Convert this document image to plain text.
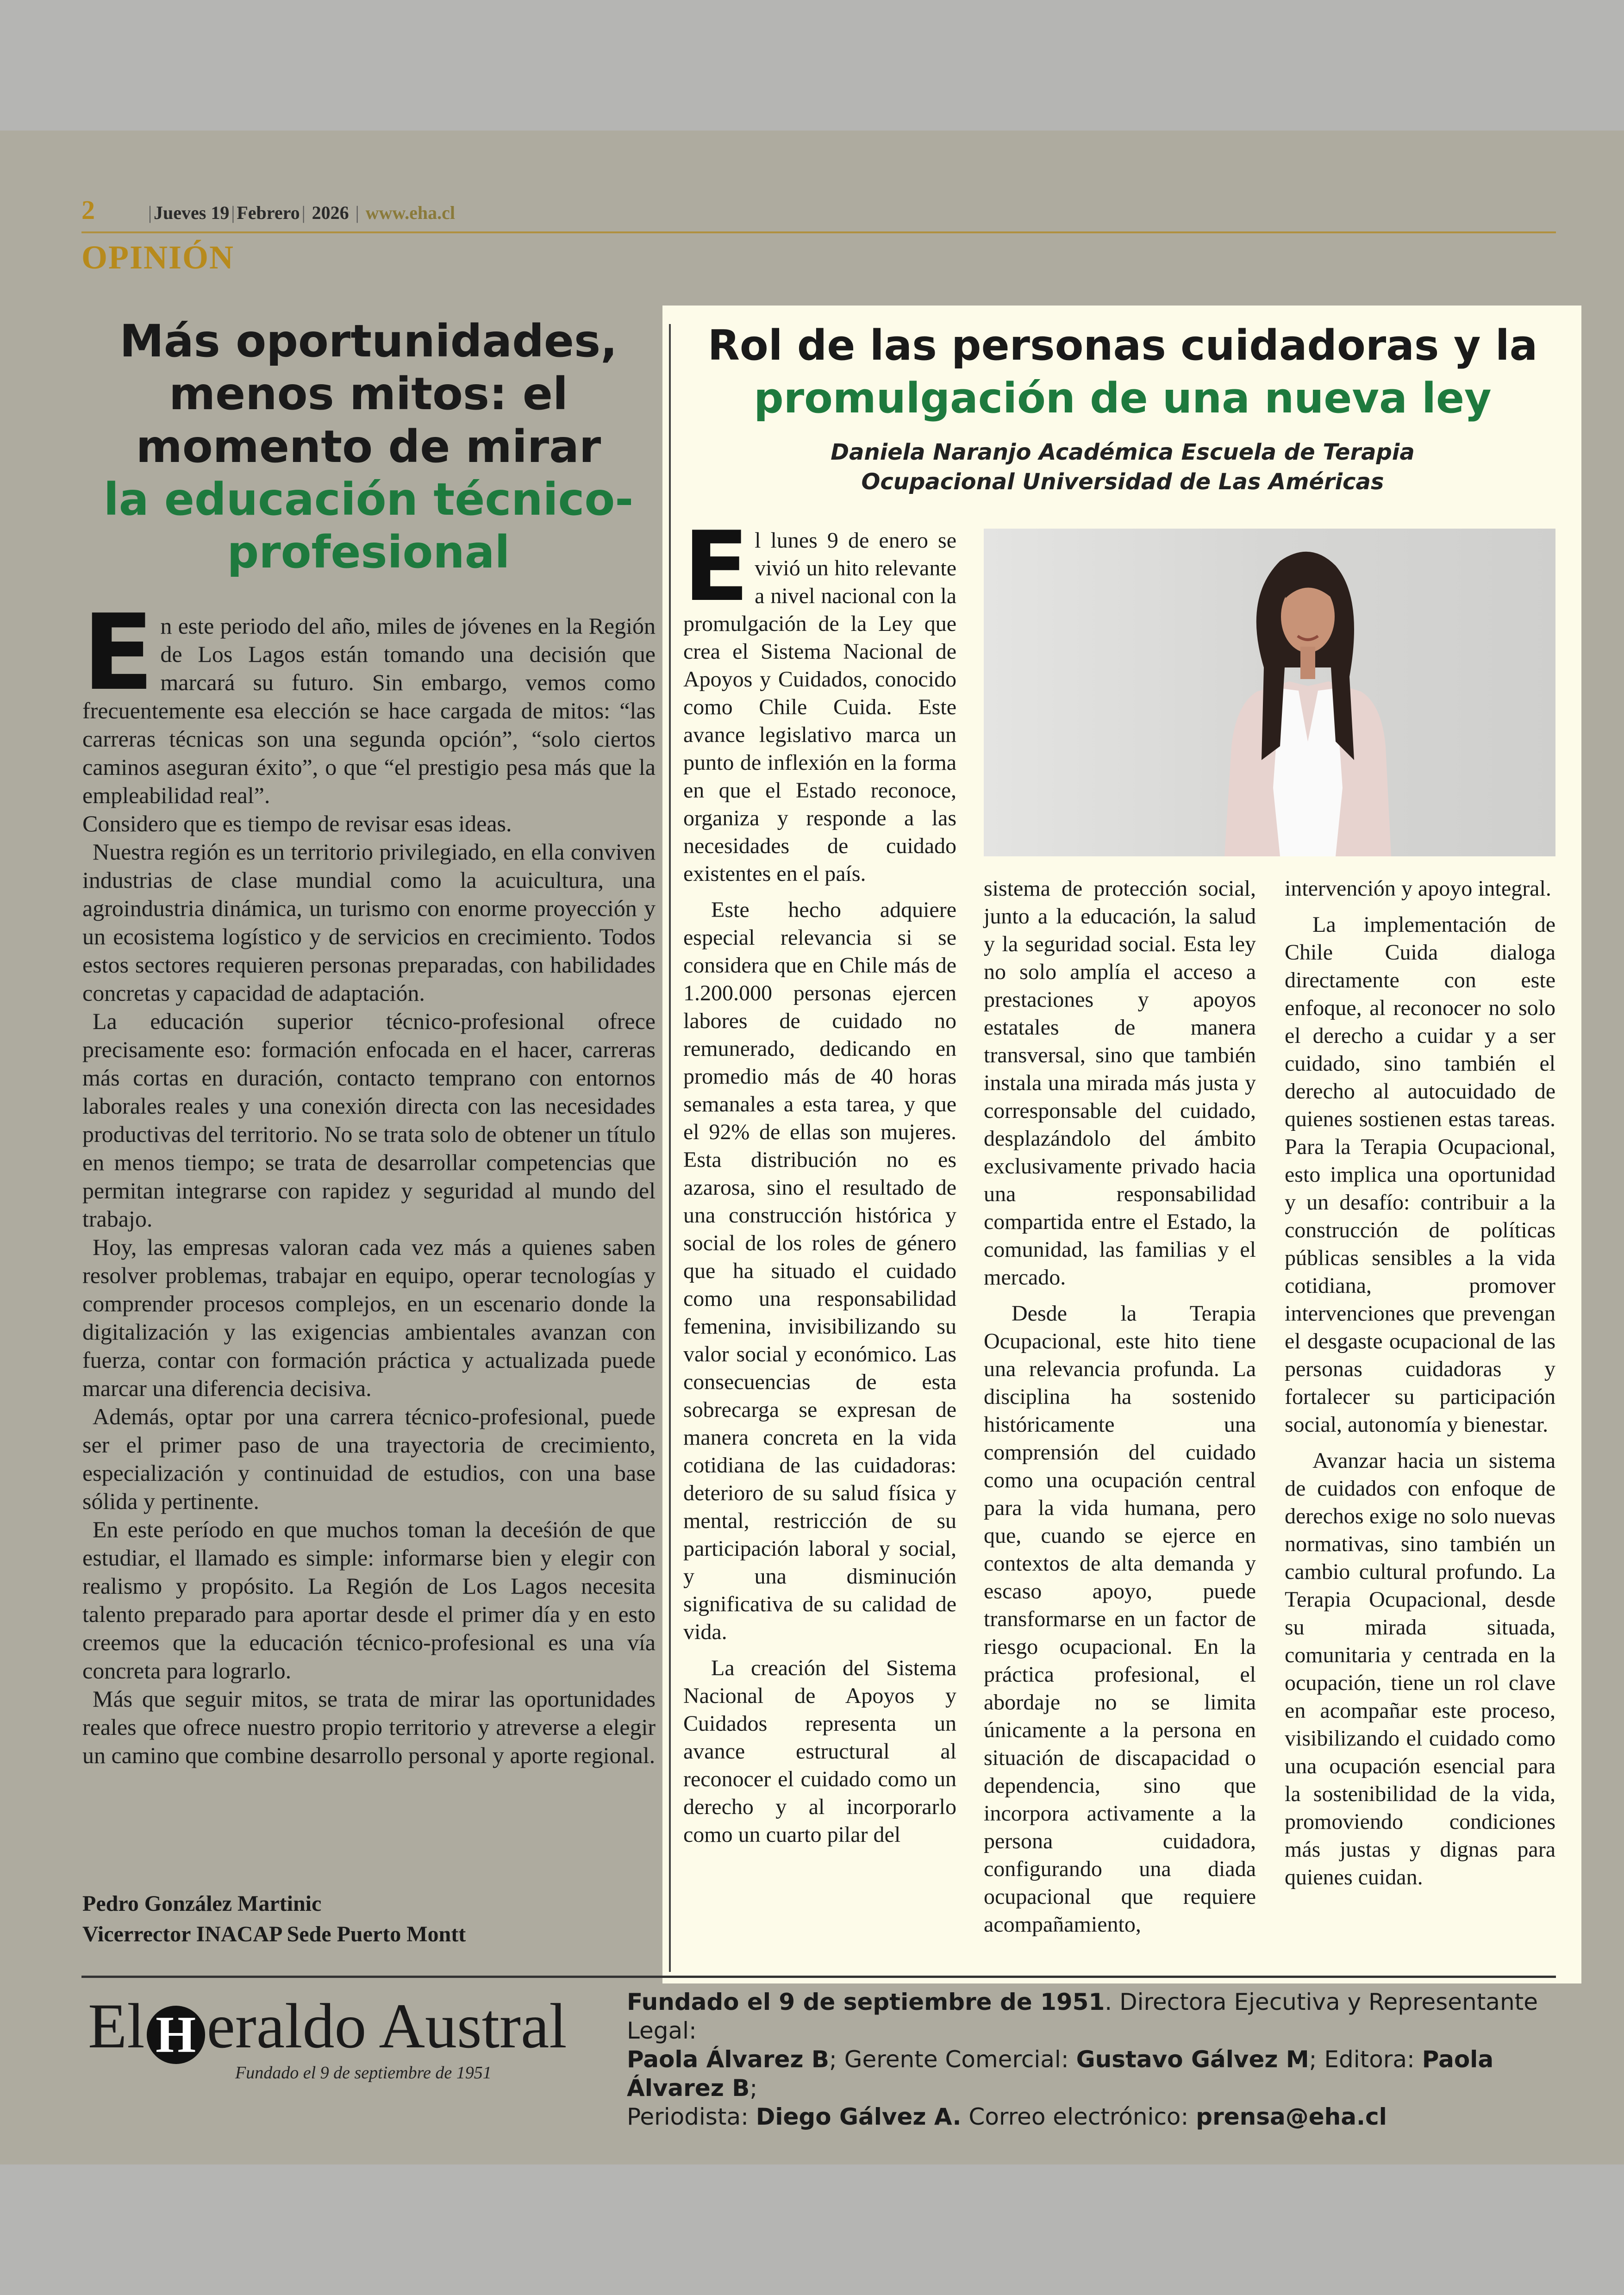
2	| Jueves 19 | Febrero | 2026 | www.eha.cl
OPINIÓN
Más oportunidades, menos mitos: el momento de mirar
la educación técnico-profesional
E n este periodo del año, miles de jóvenes en la Región de Los Lagos están tomando una decisión que marcará su futuro. Sin embargo, vemos como frecuentemente esa elección se hace cargada de mitos: “las carreras técnicas son una segunda opción”, “solo ciertos caminos aseguran éxito”, o que “el prestigio pesa más que la empleabilidad real”.

Considero que es tiempo de revisar esas ideas.

Nuestra región es un territorio privilegiado, en ella conviven industrias de clase mundial como la acuicultura, una agroindustria dinámica, un turismo con enorme proyección y un ecosistema logístico y de servicios en crecimiento. Todos estos sectores requieren personas preparadas, con habilidades concretas y capacidad de adaptación.

La educación superior técnico-profesional ofrece precisamente eso: formación enfocada en el hacer, carreras más cortas en duración, contacto temprano con entornos laborales reales y una conexión directa con las necesidades productivas del territorio. No se trata solo de obtener un título en menos tiempo; se trata de desarrollar competencias que permitan integrarse con rapidez y seguridad al mundo del trabajo.

Hoy, las empresas valoran cada vez más a quienes saben resolver problemas, trabajar en equipo, operar tecnologías y comprender procesos complejos, en un escenario donde la digitalización y las exigencias ambientales avanzan con fuerza, contar con formación práctica y actualizada puede marcar una diferencia decisiva.

Además, optar por una carrera técnico-profesional, puede ser el primer paso de una trayectoria de crecimiento, especialización y continuidad de estudios, con una base sólida y pertinente.

En este período en que muchos toman la deceśión de que estudiar, el llamado es simple: informarse bien y elegir con realismo y propósito. La Región de Los Lagos necesita talento preparado para aportar desde el primer día y en esto creemos que la educación técnico-profesional es una vía concreta para lograrlo.

Más que seguir mitos, se trata de mirar las oportunidades reales que ofrece nuestro propio territorio y atreverse a elegir un camino que combine desarrollo personal y aporte regional.

Pedro González Martinic
Vicerrector INACAP Sede Puerto Montt
Rol de las personas cuidadoras y la
promulgación de una nueva ley
Daniela Naranjo Académica Escuela de Terapia
Ocupacional Universidad de Las Américas

El lunes 9 de enero se vivió un hito relevante a nivel nacional con la promulgación de la Ley que crea el Sistema Nacional de Apoyos y Cuidados, conocido como Chile Cuida. Este avance legislativo marca un punto de inflexión en la forma en que el Estado reconoce, organiza y responde a las necesidades de cuidado existentes en el país.

Este hecho adquiere especial relevancia si se considera que en Chile más de 1.200.000 personas ejercen labores de cuidado no remunerado, dedicando en promedio más de 40 horas semanales a esta tarea, y que el 92% de ellas son mujeres. Esta distribución no es azarosa, sino el resultado de una construcción histórica y social de los roles de género que ha situado el cuidado como una responsabilidad femenina, invisibilizando su valor social y económico. Las consecuencias de esta sobrecarga se expresan de manera concreta en la vida cotidiana de las cuidadoras: deterioro de su salud física y mental, restricción de su participación laboral y social, y una disminución significativa de su calidad de vida.

La creación del Sistema Nacional de Apoyos y Cuidados representa un avance estructural al reconocer el cuidado como un derecho y al incorporarlo como un cuarto pilar del

sistema de protección social, junto a la educación, la salud y la seguridad social. Esta ley no solo amplía el acceso a prestaciones y apoyos estatales de manera transversal, sino que también instala una mirada más justa y corresponsable del cuidado, desplazándolo del ámbito exclusivamente privado hacia una responsabilidad compartida entre el Estado, la comunidad, las familias y el mercado.

Desde la Terapia Ocupacional, este hito tiene una relevancia profunda. La disciplina ha sostenido históricamente una comprensión del cuidado como una ocupación central para la vida humana, pero que, cuando se ejerce en contextos de alta demanda y escaso apoyo, puede transformarse en un factor de riesgo ocupacional. En la práctica profesional, el abordaje no se limita únicamente a la persona en situación de discapacidad o dependencia, sino que incorpora activamente a la persona cuidadora, configurando una diada ocupacional que requiere acompañamiento,

intervención y apoyo integral.

La implementación de Chile Cuida dialoga directamente con este enfoque, al reconocer no solo el derecho a cuidar y a ser cuidado, sino también el derecho al autocuidado de quienes sostienen estas tareas. Para la Terapia Ocupacional, esto implica una oportunidad y un desafío: contribuir a la construcción de políticas públicas sensibles a la vida cotidiana, promover intervenciones que prevengan el desgaste ocupacional de las personas cuidadoras y fortalecer su participación social, autonomía y bienestar.

Avanzar hacia un sistema de cuidados con enfoque de derechos exige no solo nuevas normativas, sino también un cambio cultural profundo. La Terapia Ocupacional, desde su mirada situada, comunitaria y centrada en la ocupación, tiene un rol clave en acompañar este proceso, visibilizando el cuidado como una ocupación esencial para la sostenibilidad de la vida, promoviendo condiciones más justas y dignas para quienes cuidan.

El H eraldo Austral
Fundado el 9 de septiembre de 1951
Fundado el 9 de septiembre de 1951. Directora Ejecutiva y Representante Legal:
Paola Álvarez B; Gerente Comercial: Gustavo Gálvez M; Editora: Paola Álvarez B;
Periodista: Diego Gálvez A. Correo electrónico: prensa@eha.cl
